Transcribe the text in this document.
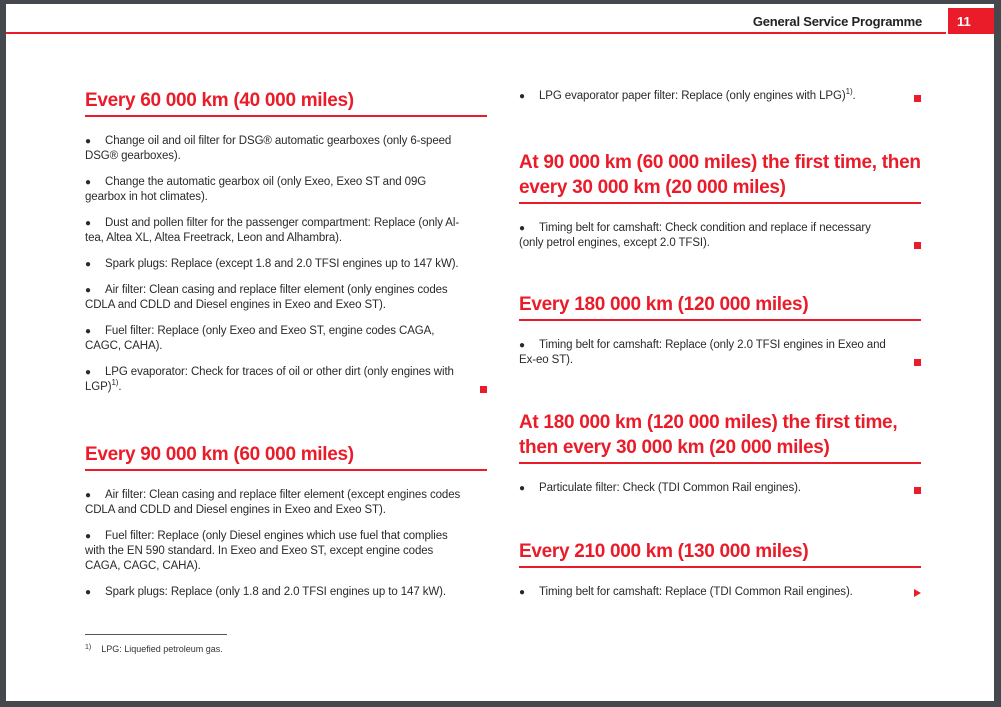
General Service Programme	11
Every 60 000 km (40 000 miles)
● Change oil and oil filter for DSG® automatic gearboxes (only 6-speed DSG® gearboxes).
● Change the automatic gearbox oil (only Exeo, Exeo ST and 09G gearbox in hot climates).
● Dust and pollen filter for the passenger compartment: Replace (only Al-tea, Altea XL, Altea Freetrack, Leon and Alhambra).
● Spark plugs: Replace (except 1.8 and 2.0 TFSI engines up to 147 kW).
● Air filter: Clean casing and replace filter element (only engines codes CDLA and CDLD and Diesel engines in Exeo and Exeo ST).
● Fuel filter: Replace (only Exeo and Exeo ST, engine codes CAGA, CAGC, CAHA).
● LPG evaporator: Check for traces of oil or other dirt (only engines with LGP)$^{1)}$.
Every 90 000 km (60 000 miles)
● Air filter: Clean casing and replace filter element (except engines codes CDLA and CDLD and Diesel engines in Exeo and Exeo ST).
● Fuel filter: Replace (only Diesel engines which use fuel that complies with the EN 590 standard. In Exeo and Exeo ST, except engine codes CAGA, CAGC, CAHA).
● Spark plugs: Replace (only 1.8 and 2.0 TFSI engines up to 147 kW).
● LPG evaporator paper filter: Replace (only engines with LPG)$^{1)}$.
At 90 000 km (60 000 miles) the first time, then every 30 000 km (20 000 miles)
● Timing belt for camshaft: Check condition and replace if necessary (only petrol engines, except 2.0 TFSI).
Every 180 000 km (120 000 miles)
● Timing belt for camshaft: Replace (only 2.0 TFSI engines in Exeo and Ex-eo ST).
At 180 000 km (120 000 miles) the first time, then every 30 000 km (20 000 miles)
● Particulate filter: Check (TDI Common Rail engines).
Every 210 000 km (130 000 miles)
● Timing belt for camshaft: Replace (TDI Common Rail engines).
$^{1)}$ LPG: Liquefied petroleum gas.
